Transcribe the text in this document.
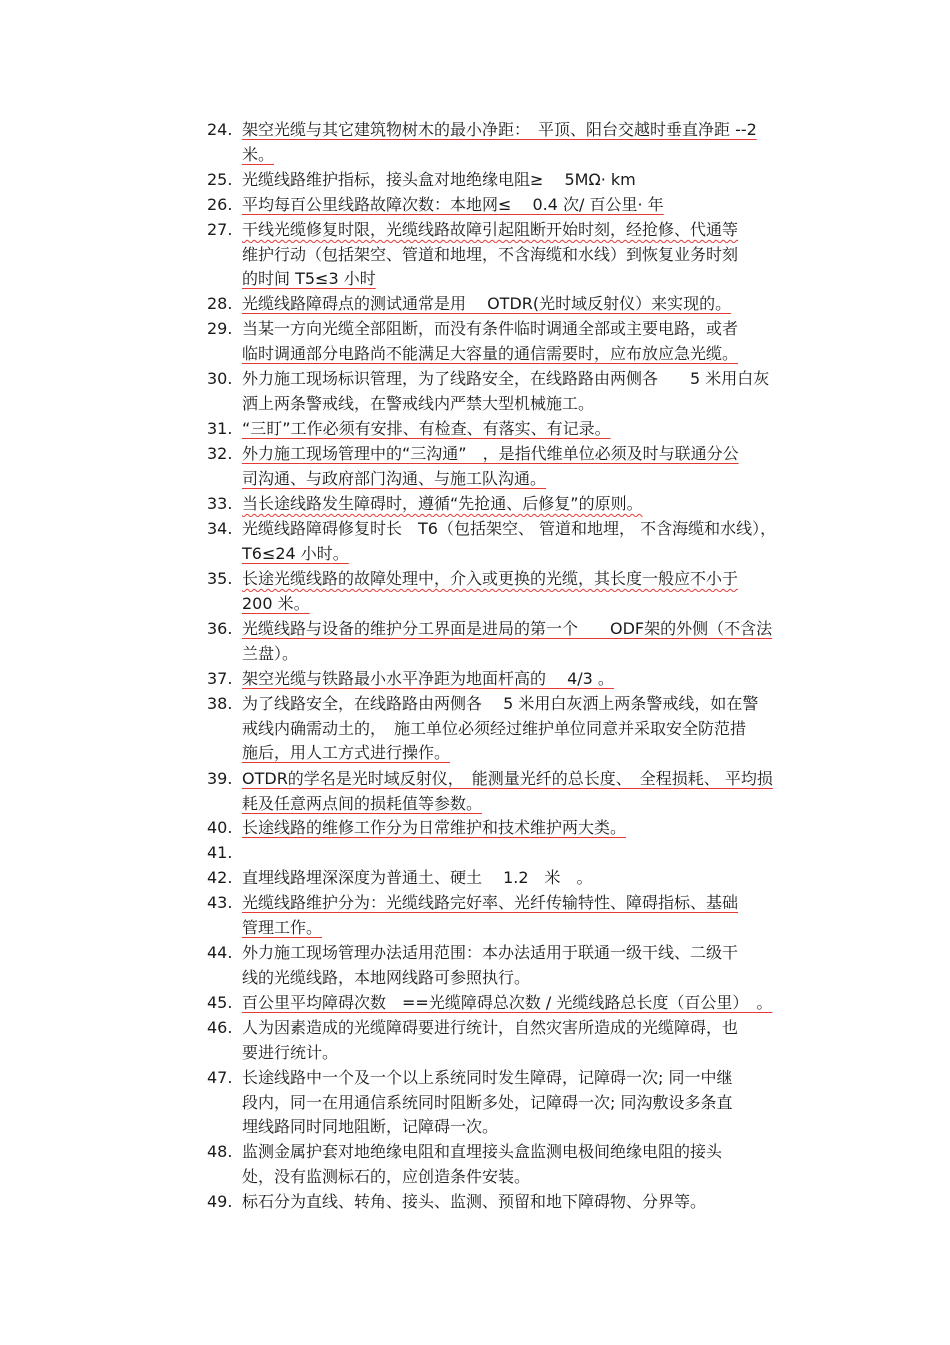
24. 架空光缆与其它建筑物树木的最小净距：　平顶、阳台交越时垂直净距 --2
米。
25. 光缆线路维护指标，接头盒对地绝缘电阻≥　 5MΩ· km
26. 平均每百公里线路故障次数：本地网≤　 0.4 次/ 百公里· 年
27. 干线光缆修复时限，光缆线路故障引起阻断开始时刻，经抢修、代通等
维护行动（包括架空、管道和地埋，不含海缆和水线）到恢复业务时刻
的时间 T5≤3 小时
28. 光缆线路障碍点的测试通常是用　 OTDR(光时域反射仪）来实现的。
29. 当某一方向光缆全部阻断，而没有条件临时调通全部或主要电路，或者
临时调通部分电路尚不能满足大容量的通信需要时，应布放应急光缆。
30. 外力施工现场标识管理，为了线路安全，在线路路由两侧各　　5 米用白灰
洒上两条警戒线，在警戒线内严禁大型机械施工。
31. “三盯”工作必须有安排、有检查、有落实、有记录。
32. 外力施工现场管理中的“三沟通”　，是指代维单位必须及时与联通分公
司沟通、与政府部门沟通、与施工队沟通。
33. 当长途线路发生障碍时，遵循“先抢通、后修复”的原则。
34. 光缆线路障碍修复时长　T6（包括架空、 管道和地埋， 不含海缆和水线），
T6≤24 小时。
35. 长途光缆线路的故障处理中，介入或更换的光缆，其长度一般应不小于
200 米。
36. 光缆线路与设备的维护分工界面是进局的第一个　　ODF架的外侧（不含法
兰盘）。
37. 架空光缆与铁路最小水平净距为地面杆高的　 4/3 。
38. 为了线路安全，在线路路由两侧各　 5 米用白灰洒上两条警戒线，如在警
戒线内确需动土的，　施工单位必须经过维护单位同意并采取安全防范措
施后，用人工方式进行操作。
39. OTDR的学名是光时域反射仪，　能测量光纤的总长度、　全程损耗、 平均损
耗及任意两点间的损耗值等参数。
40. 长途线路的维修工作分为日常维护和技术维护两大类。
41.
42. 直埋线路埋深深度为普通土、硬土　 1.2　米　。
43. 光缆线路维护分为：光缆线路完好率、光纤传输特性、障碍指标、基础
管理工作。
44. 外力施工现场管理办法适用范围：本办法适用于联通一级干线、二级干
线的光缆线路，本地网线路可参照执行。
45. 百公里平均障碍次数　==光缆障碍总次数 / 光缆线路总长度（百公里）　。
46. 人为因素造成的光缆障碍要进行统计，自然灾害所造成的光缆障碍，也
要进行统计。
47. 长途线路中一个及一个以上系统同时发生障碍，记障碍一次; 同一中继
段内，同一在用通信系统同时阻断多处，记障碍一次; 同沟敷设多条直
埋线路同时同地阻断，记障碍一次。
48. 监测金属护套对地绝缘电阻和直埋接头盒监测电极间绝缘电阻的接头
处，没有监测标石的，应创造条件安装。
49. 标石分为直线、转角、接头、监测、预留和地下障碍物、分界等。
